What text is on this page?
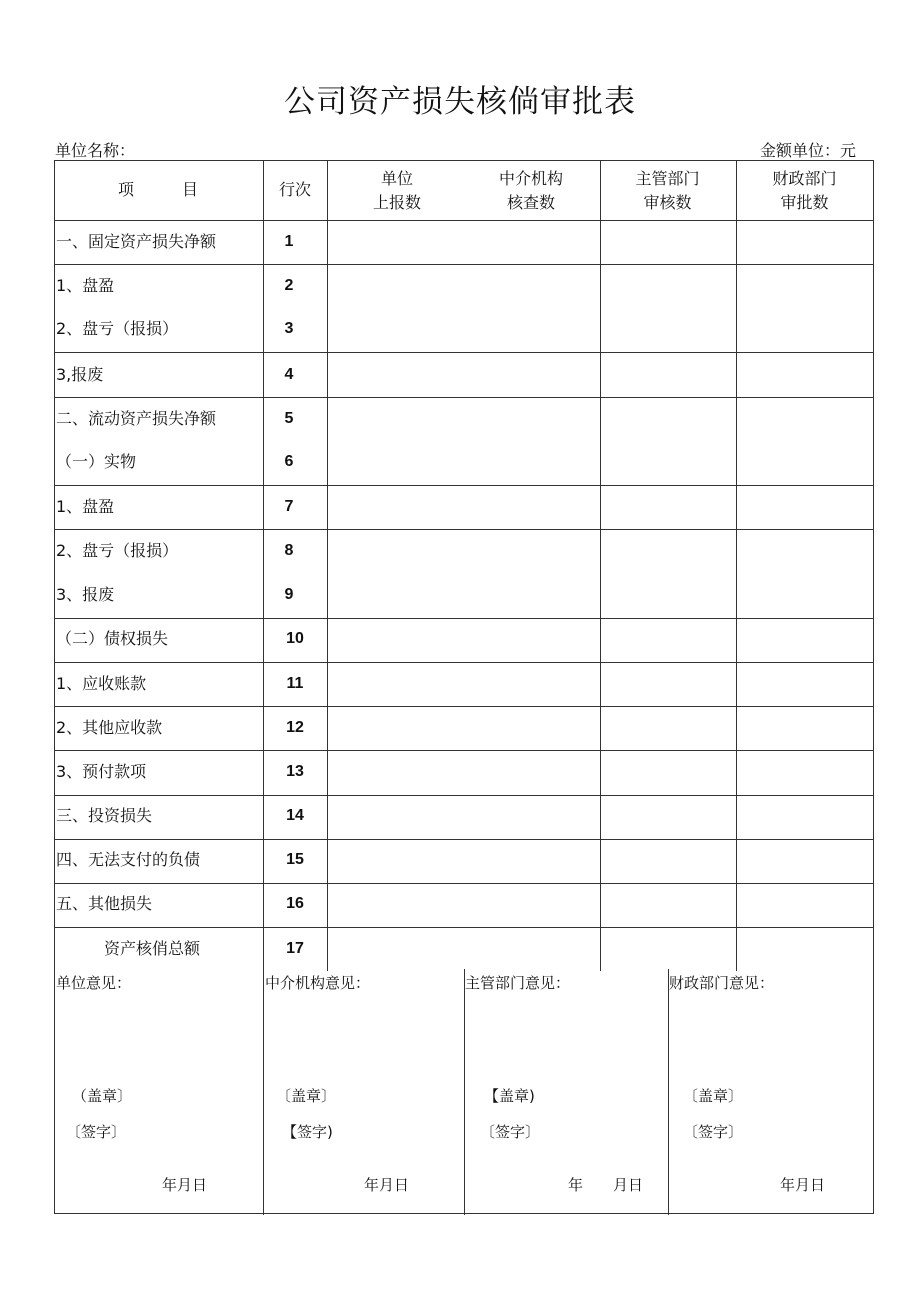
公司资产损失核倘审批表
单位名称：	金额单位：元
项　　　目	行次
单位
上报数
中介机构
核查数
主管部门
审核数
财政部门
审批数
一、固定资产损失净额
1、盘盈
2、盘亏（报损）
3,报废
二、流动资产损失净额
（一）实物
1、盘盈
2、盘亏（报损）
3、报废
（二）债权损失
1、应收账款
2、其他应收款
3、预付款项
三、投资损失
四、无法支付的负债
五、其他损失
资产核俏总额
1
2
3
4
5
6
7
8
9
10
11
12
13
14
15
16
17
单位意见：
（盖章〕
〔签字〕
年月日
中介机构意见：
〔盖章〕
【签字)
年月日
主管部门意见：
【盖章)
〔签字〕
年　　月日
财政部门意见：
〔盖章〕
〔签字〕
年月日
